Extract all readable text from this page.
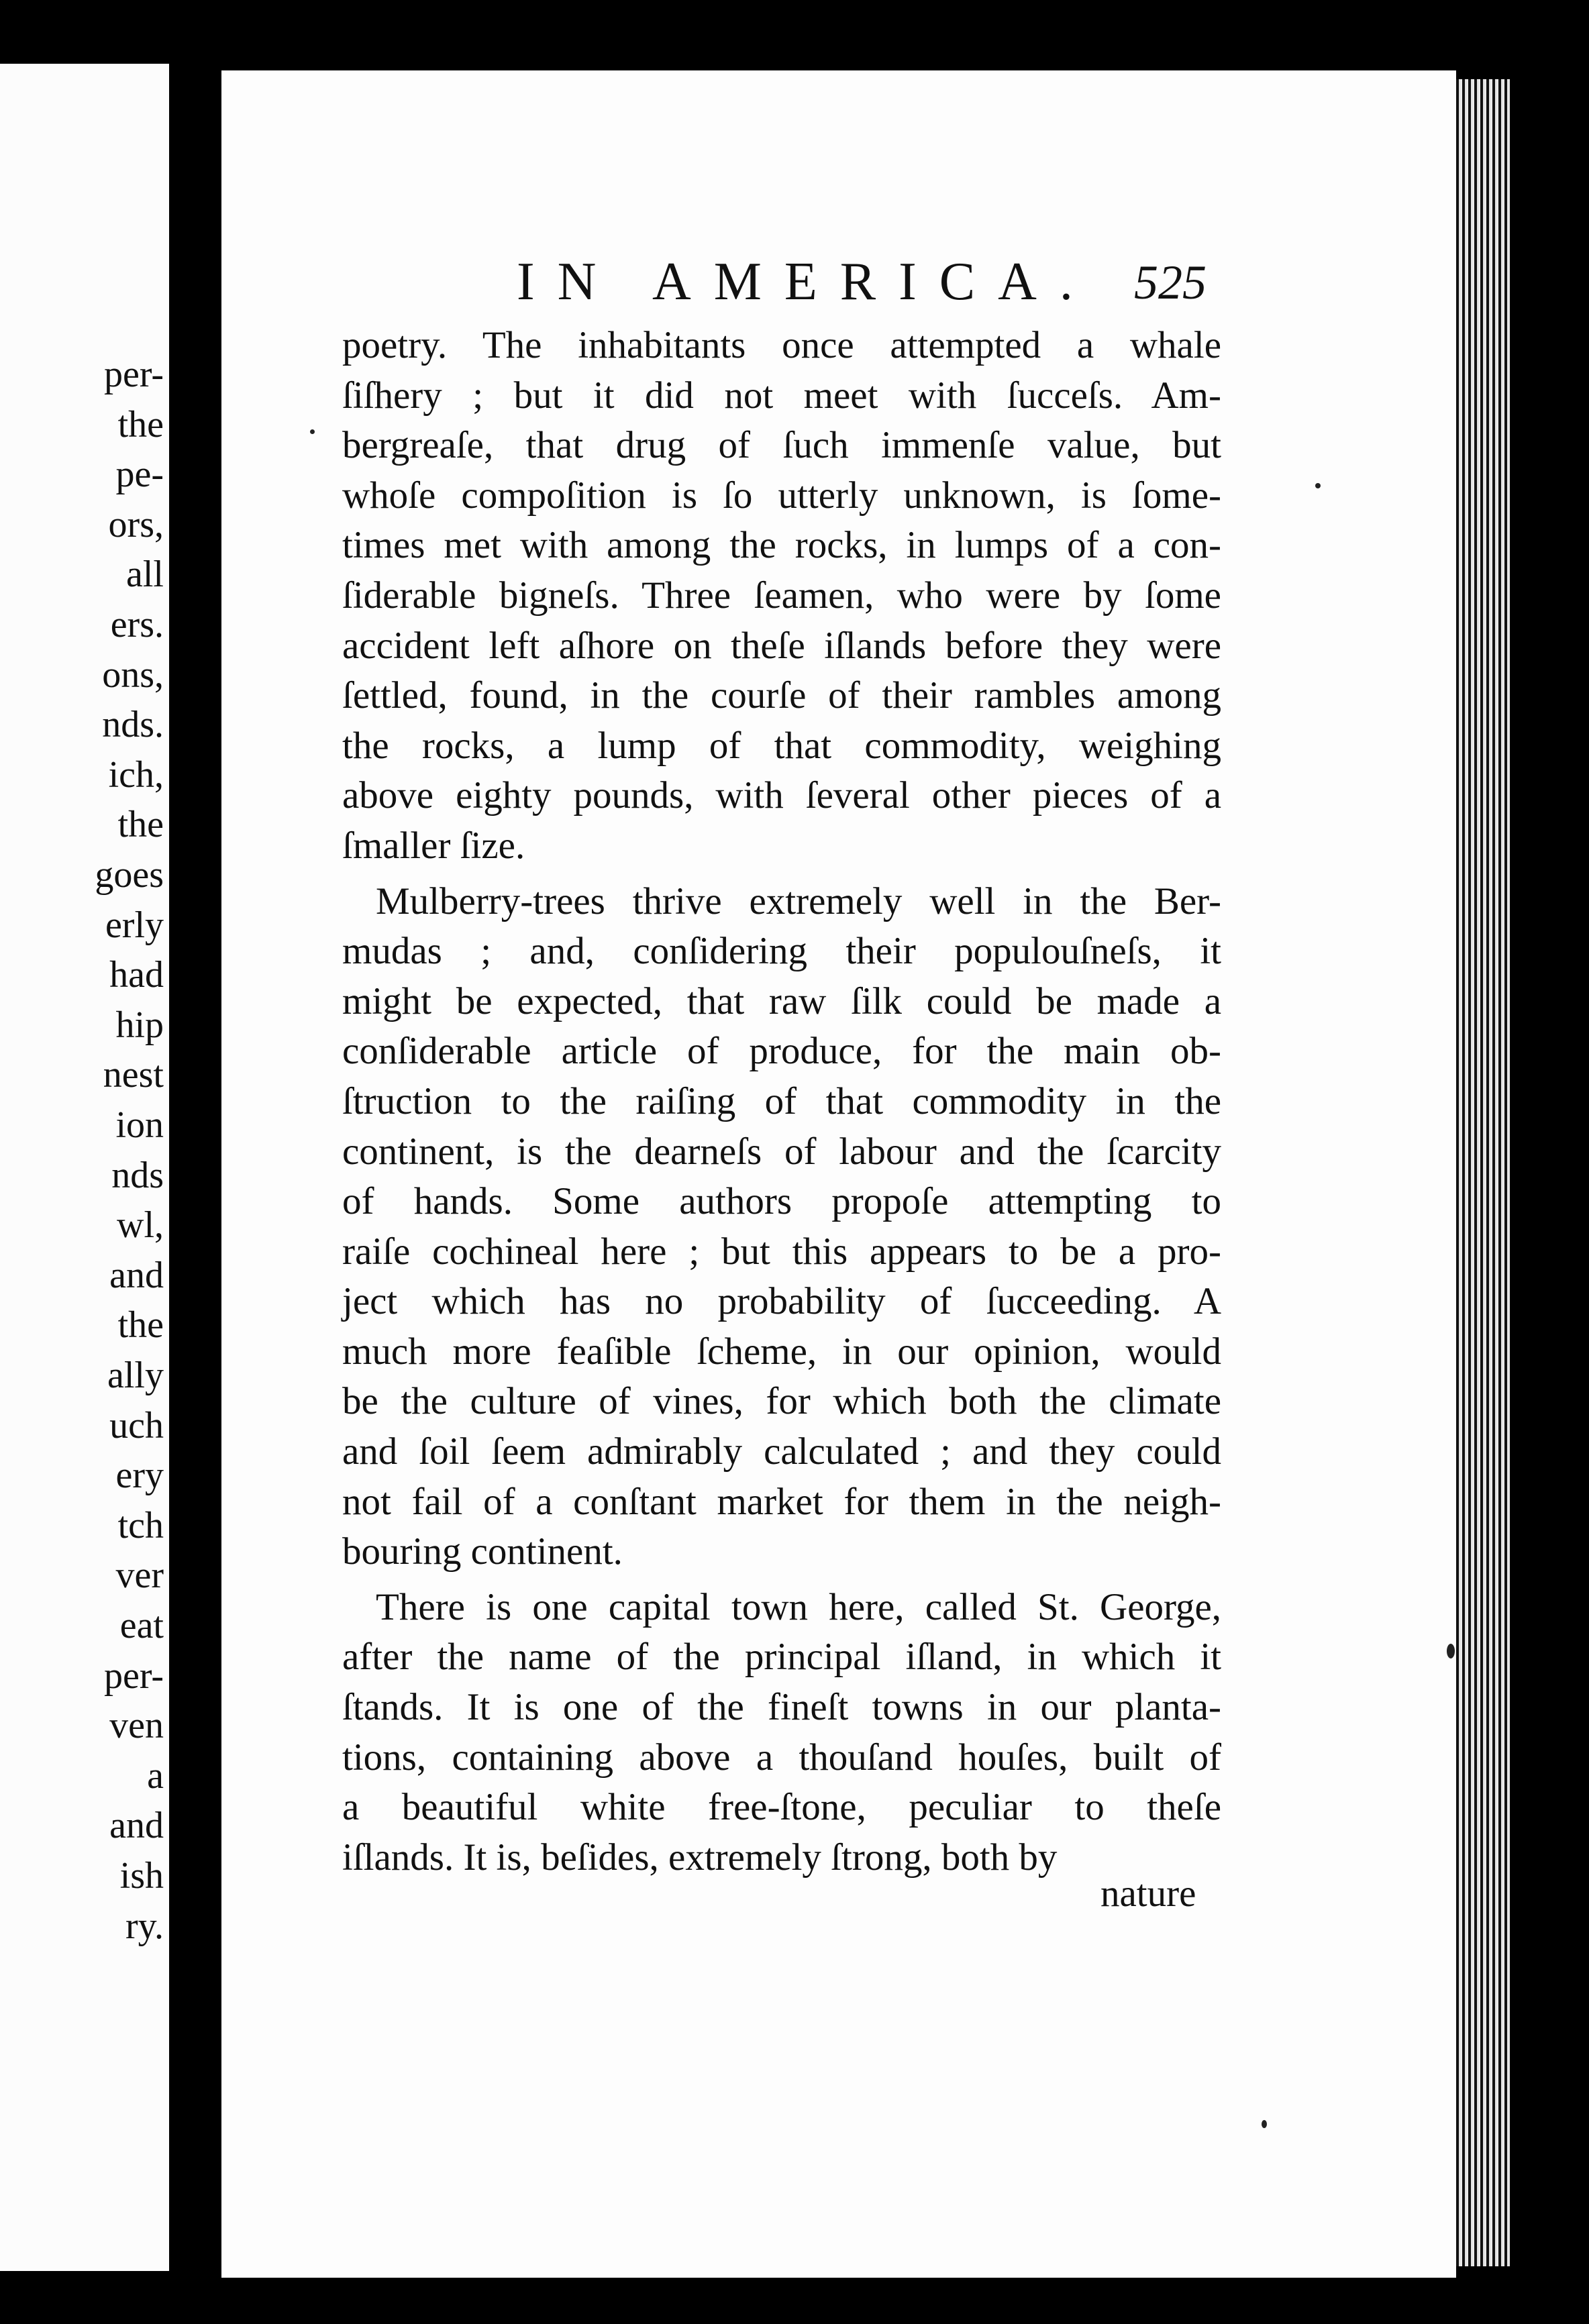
per-
the
pe-
ors,
all
ers.
ons,
nds.
ich,
the
goes
erly
had
hip
nest
ion
nds
wl,
and
the
ally
uch
ery
tch
ver
eat
per-
ven
a
and
ish
ry.
IN AMERICA. 525
poetry. The inhabitants once attempted a whale
ſiſhery ; but it did not meet with ſucceſs. Am-
bergreaſe, that drug of ſuch immenſe value, but
whoſe compoſition is ſo utterly unknown, is ſome-
times met with among the rocks, in lumps of a con-
ſiderable bigneſs. Three ſeamen, who were by ſome
accident left aſhore on theſe iſlands before they were
ſettled, found, in the courſe of their rambles among
the rocks, a lump of that commodity, weighing
above eighty pounds, with ſeveral other pieces of a
ſmaller ſize.
Mulberry-trees thrive extremely well in the Ber-
mudas ; and, conſidering their populouſneſs, it
might be expected, that raw ſilk could be made a
conſiderable article of produce, for the main ob-
ſtruction to the raiſing of that commodity in the
continent, is the dearneſs of labour and the ſcarcity
of hands. Some authors propoſe attempting to
raiſe cochineal here ; but this appears to be a pro-
ject which has no probability of ſucceeding. A
much more feaſible ſcheme, in our opinion, would
be the culture of vines, for which both the climate
and ſoil ſeem admirably calculated ; and they could
not fail of a conſtant market for them in the neigh-
bouring continent.
There is one capital town here, called St. George,
after the name of the principal iſland, in which it
ſtands. It is one of the fineſt towns in our planta-
tions, containing above a thouſand houſes, built of
a beautiful white free-ſtone, peculiar to theſe
iſlands. It is, beſides, extremely ſtrong, both by
nature
